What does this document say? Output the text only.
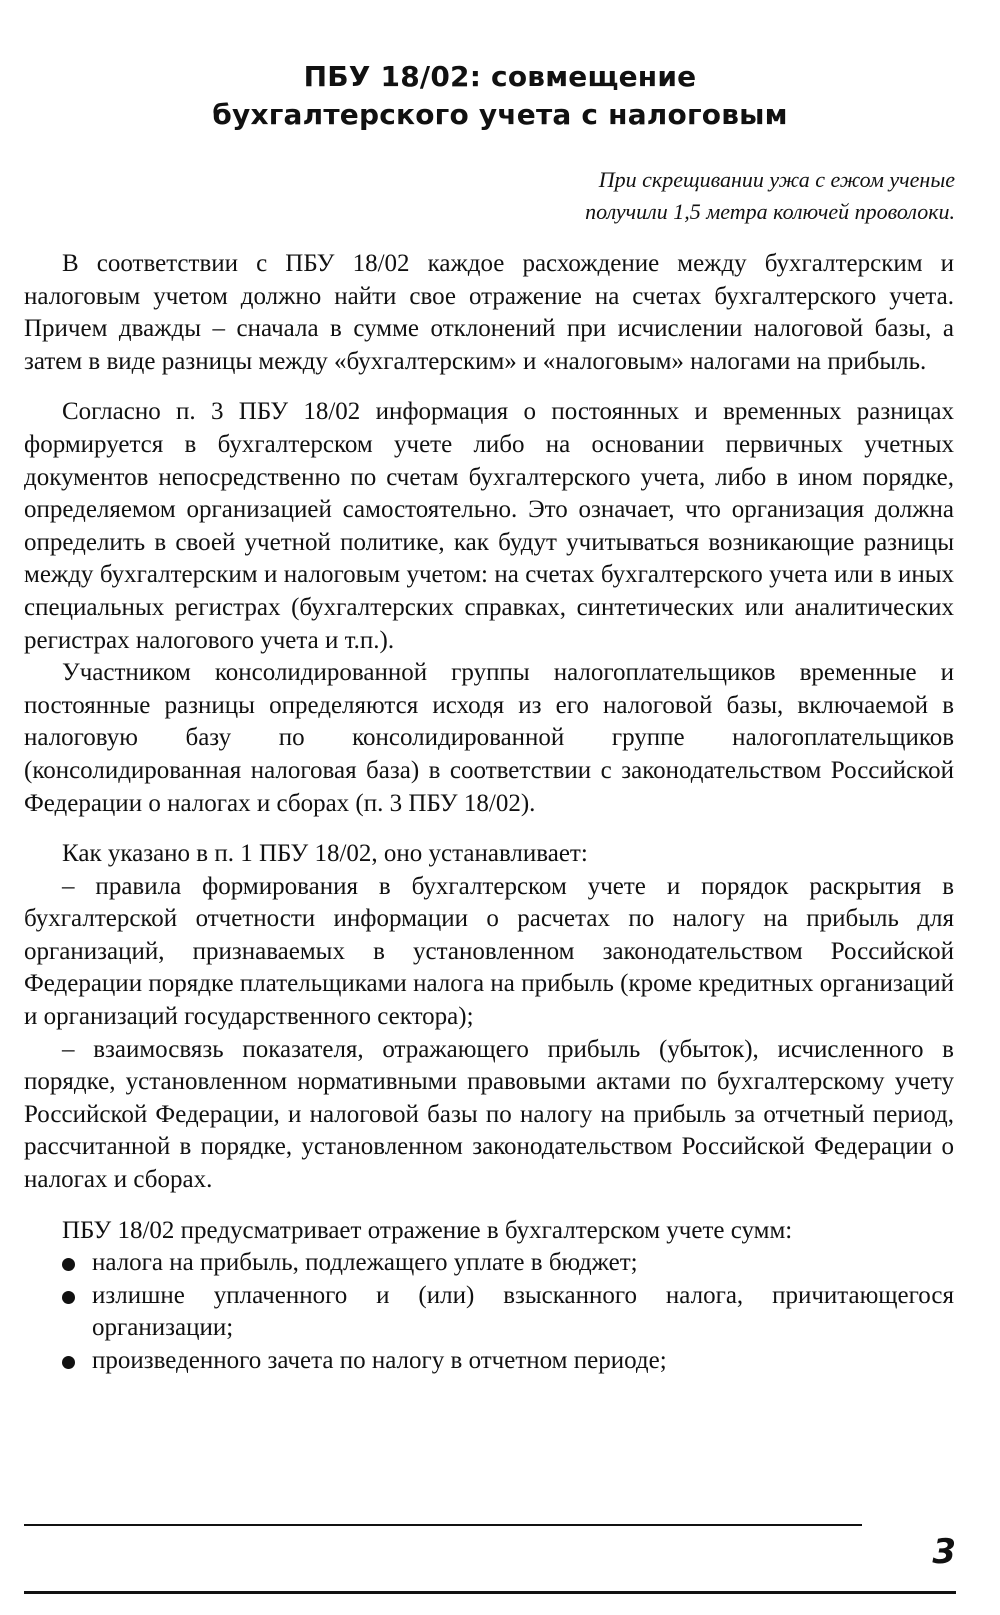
ПБУ 18/02: совмещение
бухгалтерского учета с налоговым
При скрещивании ужа с ежом ученые
получили 1,5 метра колючей проволоки.

В соответствии с ПБУ 18/02 каждое расхождение между бухгалтерским и налоговым учетом должно найти свое отражение на счетах бухгалтерского учета. Причем дважды – сначала в сумме отклонений при исчислении налоговой базы, а затем в виде разницы между «бухгалтерским» и «налоговым» налогами на прибыль.

Согласно п. 3 ПБУ 18/02 информация о постоянных и временных разницах формируется в бухгалтерском учете либо на основании первичных учетных документов непосредственно по счетам бухгалтерского учета, либо в ином порядке, определяемом организацией самостоятельно. Это означает, что организация должна определить в своей учетной политике, как будут учитываться возникающие разницы между бухгалтерским и налоговым учетом: на счетах бухгалтерского учета или в иных специальных регистрах (бухгалтерских справках, синтетических или аналитических регистрах налогового учета и т.п.).

Участником консолидированной группы налогоплательщиков временные и постоянные разницы определяются исходя из его налоговой базы, включаемой в налоговую базу по консолидированной группе налогоплательщиков (консолидированная налоговая база) в соответствии с законодательством Российской Федерации о налогах и сборах (п. 3 ПБУ 18/02).

Как указано в п. 1 ПБУ 18/02, оно устанавливает:

– правила формирования в бухгалтерском учете и порядок раскрытия в бухгалтерской отчетности информации о расчетах по налогу на прибыль для организаций, признаваемых в установленном законодательством Российской Федерации порядке плательщиками налога на прибыль (кроме кредитных организаций и организаций государственного сектора);

– взаимосвязь показателя, отражающего прибыль (убыток), исчисленного в порядке, установленном нормативными правовыми актами по бухгалтерскому учету Российской Федерации, и налоговой базы по налогу на прибыль за отчетный период, рассчитанной в порядке, установленном законодательством Российской Федерации о налогах и сборах.

ПБУ 18/02 предусматривает отражение в бухгалтерском учете сумм:

налога на прибыль, подлежащего уплате в бюджет;
излишне уплаченного и (или) взысканного налога, причитающегося организации;
произведенного зачета по налогу в отчетном периоде;
3
